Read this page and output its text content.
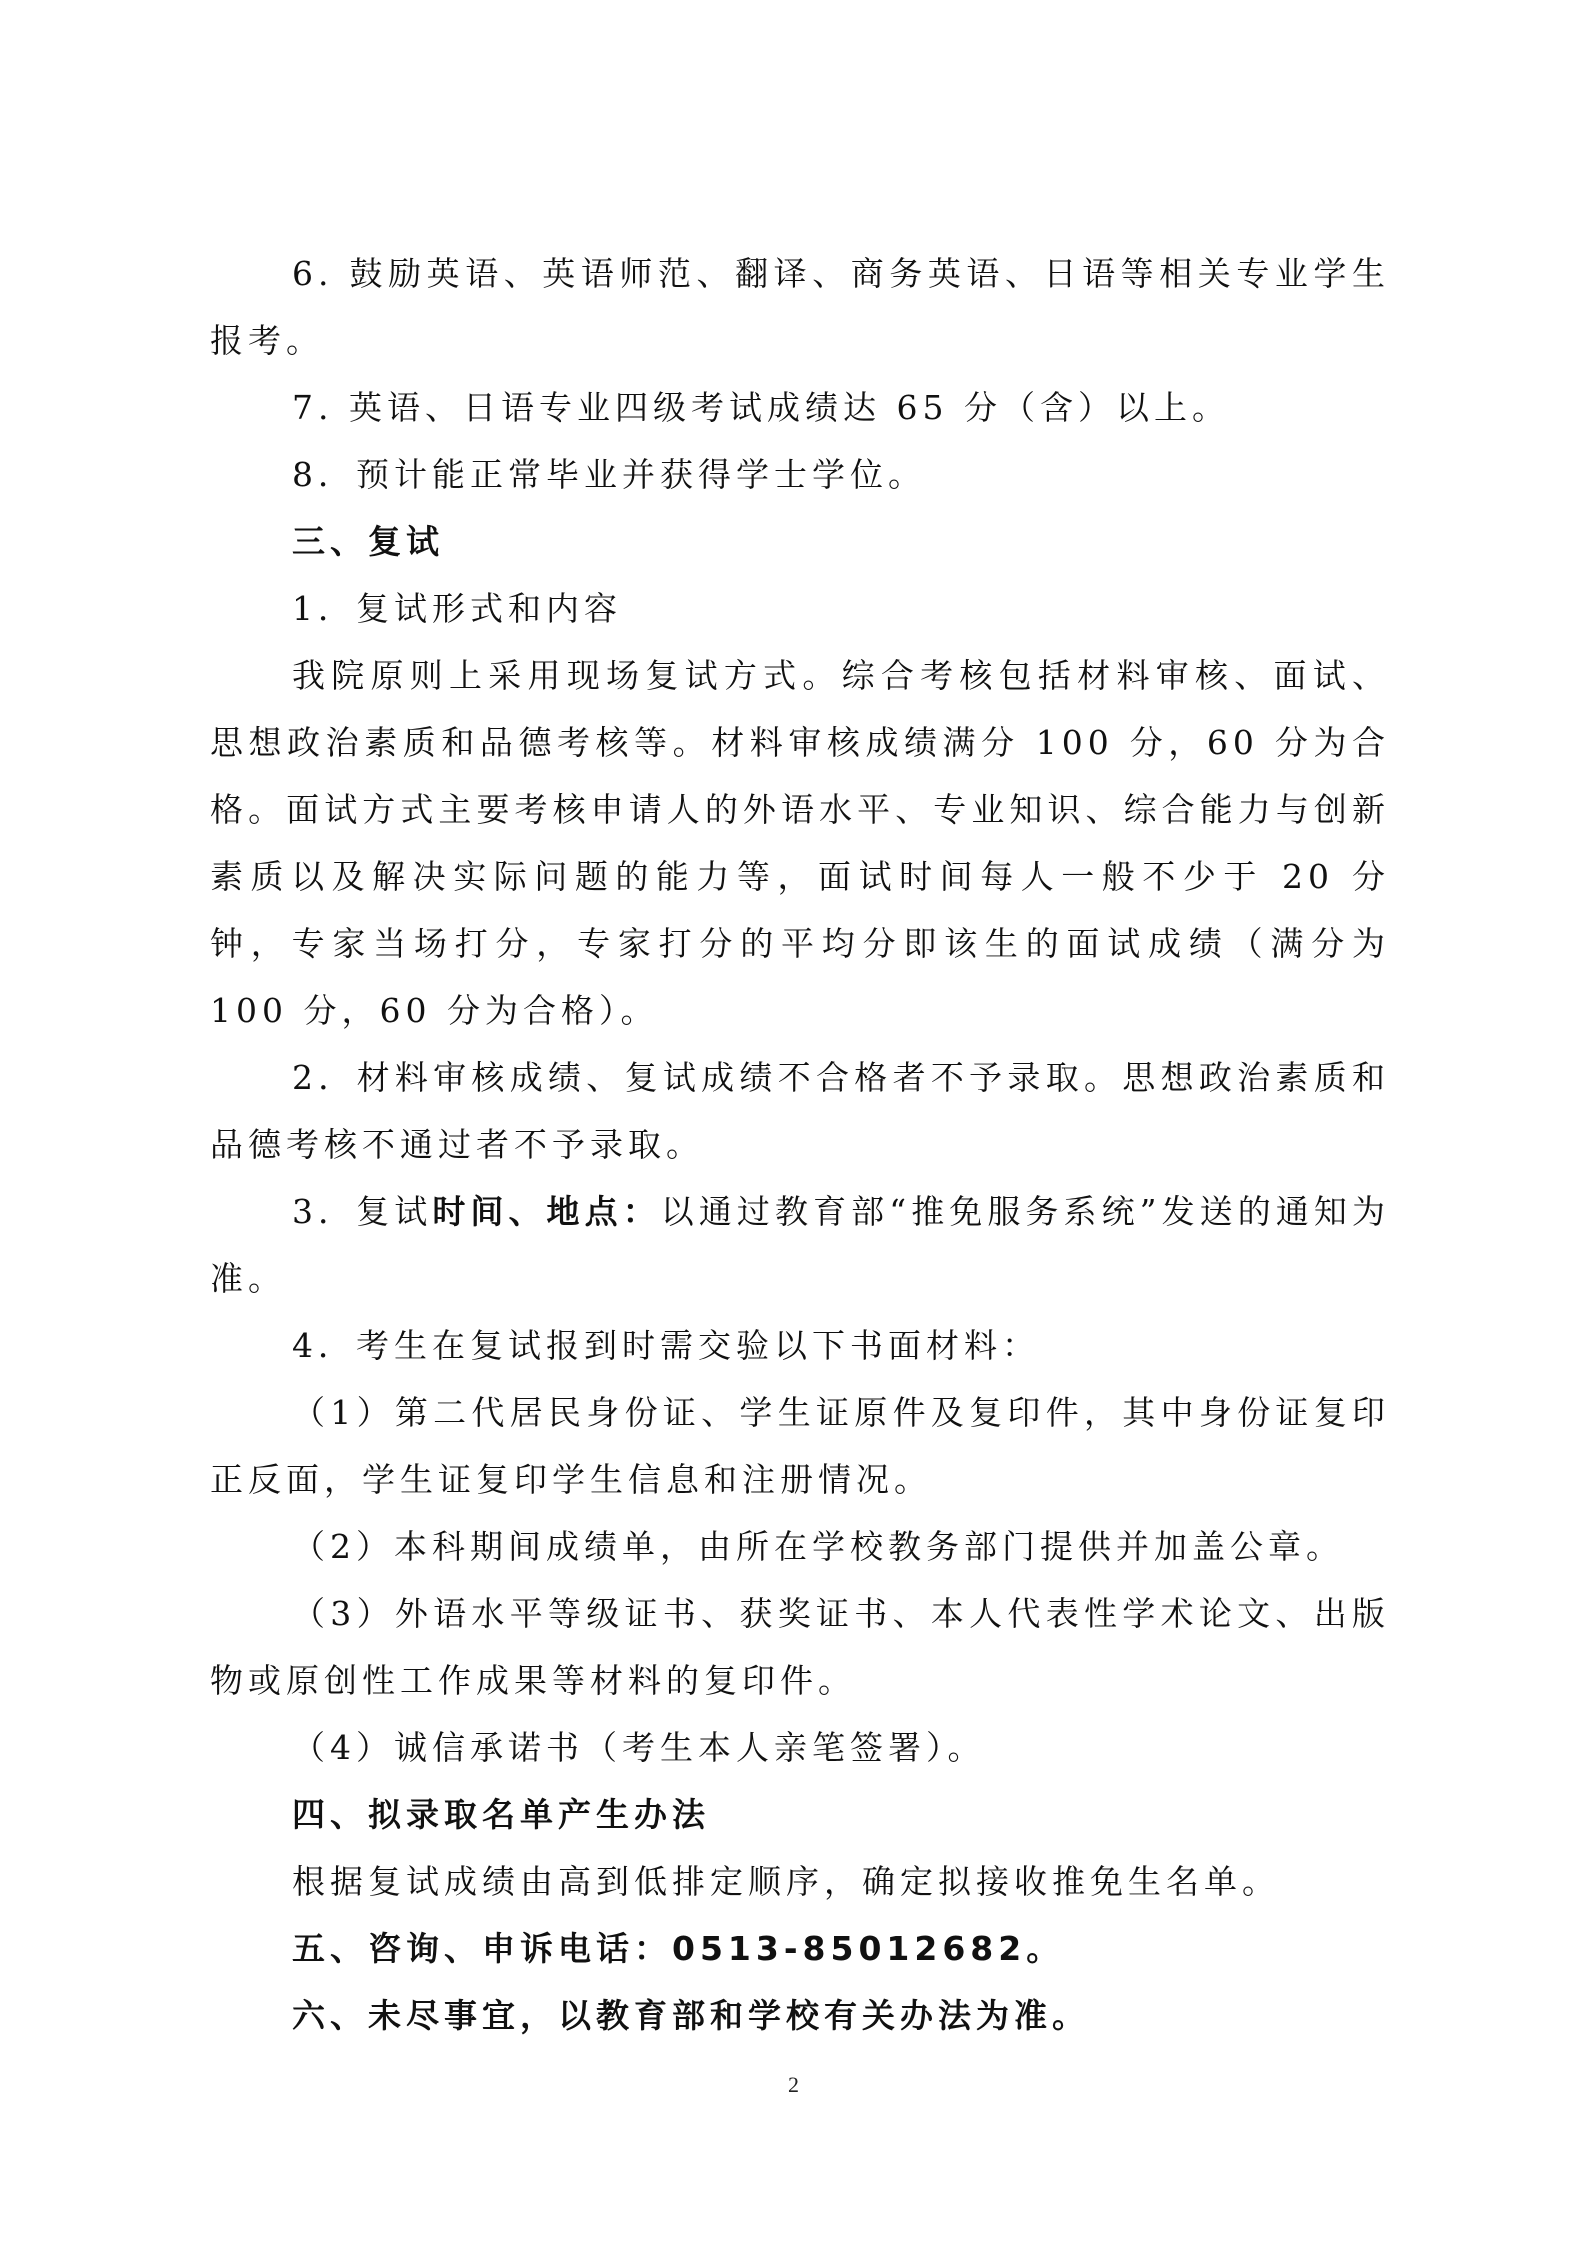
6. 鼓励英语、英语师范、翻译、商务英语、日语等相关专业学生报考。

7. 英语、日语专业四级考试成绩达 65 分（含）以上。

8．预计能正常毕业并获得学士学位。

三、复试

1．复试形式和内容

我院原则上采用现场复试方式。综合考核包括材料审核、面试、思想政治素质和品德考核等。材料审核成绩满分 100 分，60 分为合格。面试方式主要考核申请人的外语水平、专业知识、综合能力与创新素质以及解决实际问题的能力等，面试时间每人一般不少于 20 分钟，专家当场打分，专家打分的平均分即该生的面试成绩（满分为 100 分，60 分为合格）。

2．材料审核成绩、复试成绩不合格者不予录取。思想政治素质和品德考核不通过者不予录取。

3．复试时间、地点：以通过教育部“推免服务系统”发送的通知为准。

4．考生在复试报到时需交验以下书面材料：

（1）第二代居民身份证、学生证原件及复印件，其中身份证复印正反面，学生证复印学生信息和注册情况。

（2）本科期间成绩单，由所在学校教务部门提供并加盖公章。

（3）外语水平等级证书、获奖证书、本人代表性学术论文、出版物或原创性工作成果等材料的复印件。

（4）诚信承诺书（考生本人亲笔签署）。

四、拟录取名单产生办法

根据复试成绩由高到低排定顺序，确定拟接收推免生名单。

五、咨询、申诉电话：0513-85012682。

六、未尽事宜，以教育部和学校有关办法为准。

2
